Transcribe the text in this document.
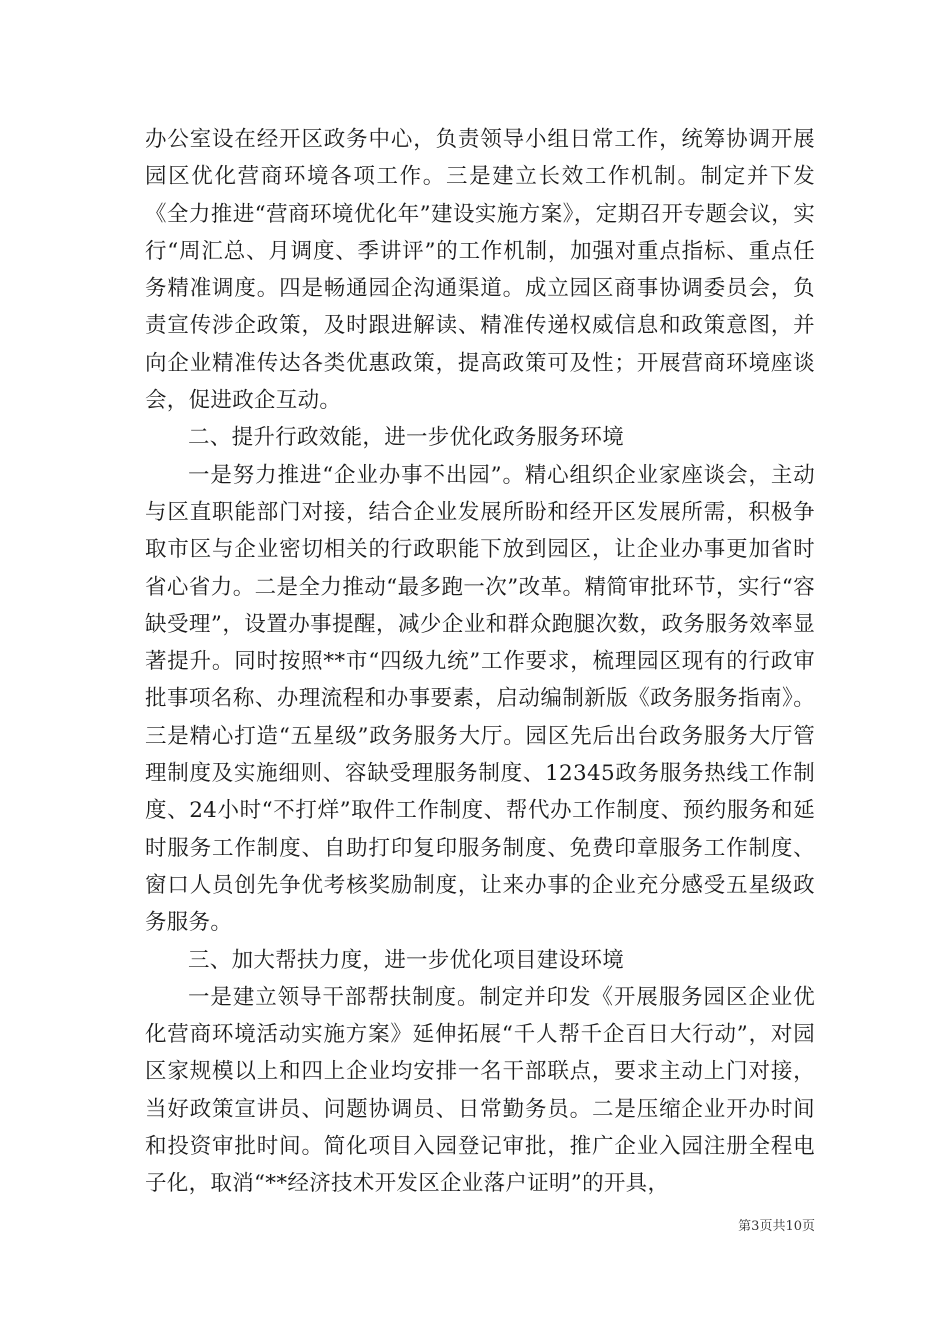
办公室设在经开区政务中心，负责领导小组日常工作，统筹协调开展园区优化营商环境各项工作。三是建立长效工作机制。制定并下发《全力推进“营商环境优化年”建设实施方案》，定期召开专题会议，实行“周汇总、月调度、季讲评”的工作机制，加强对重点指标、重点任务精准调度。四是畅通园企沟通渠道。成立园区商事协调委员会，负责宣传涉企政策，及时跟进解读、精准传递权威信息和政策意图，并向企业精准传达各类优惠政策，提高政策可及性；开展营商环境座谈会，促进政企互动。

二、提升行政效能，进一步优化政务服务环境

一是努力推进“企业办事不出园”。精心组织企业家座谈会，主动与区直职能部门对接，结合企业发展所盼和经开区发展所需，积极争取市区与企业密切相关的行政职能下放到园区，让企业办事更加省时省心省力。二是全力推动“最多跑一次”改革。精简审批环节，实行“容缺受理”，设置办事提醒，减少企业和群众跑腿次数，政务服务效率显著提升。同时按照**市“四级九统”工作要求，梳理园区现有的行政审批事项名称、办理流程和办事要素，启动编制新版《政务服务指南》。三是精心打造“五星级”政务服务大厅。园区先后出台政务服务大厅管理制度及实施细则、容缺受理服务制度、12345政务服务热线工作制度、24小时“不打烊”取件工作制度、帮代办工作制度、预约服务和延时服务工作制度、自助打印复印服务制度、免费印章服务工作制度、窗口人员创先争优考核奖励制度，让来办事的企业充分感受五星级政务服务。

三、加大帮扶力度，进一步优化项目建设环境

一是建立领导干部帮扶制度。制定并印发《开展服务园区企业优化营商环境活动实施方案》延伸拓展“千人帮千企百日大行动”，对园区家规模以上和四上企业均安排一名干部联点，要求主动上门对接，当好政策宣讲员、问题协调员、日常勤务员。二是压缩企业开办时间和投资审批时间。简化项目入园登记审批，推广企业入园注册全程电子化，取消“**经济技术开发区企业落户证明”的开具，

第3页共10页
